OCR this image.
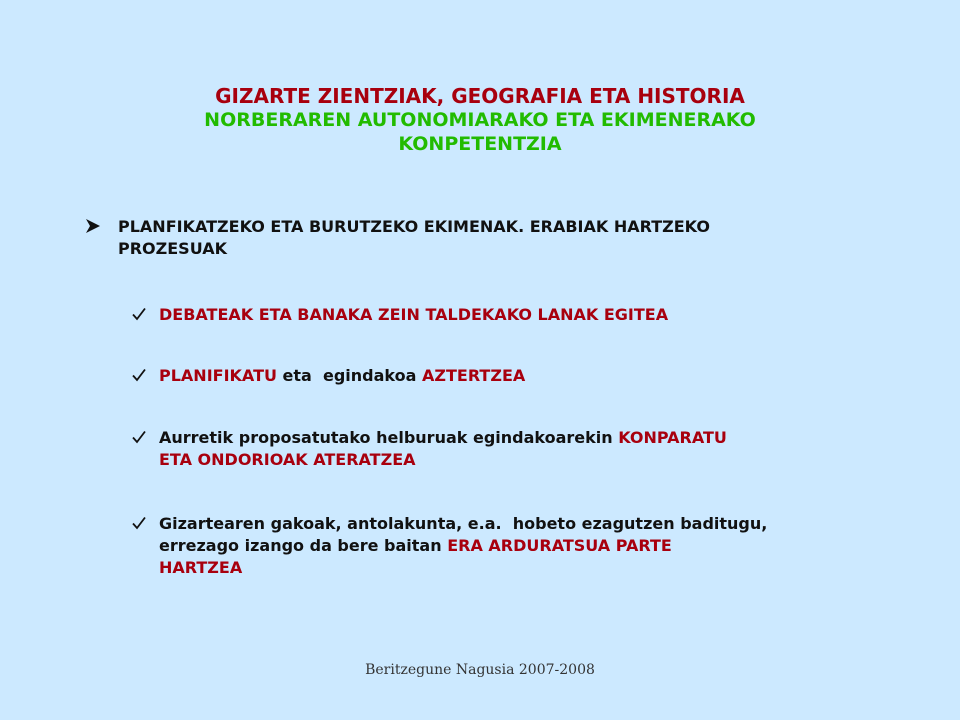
GIZARTE ZIENTZIAK, GEOGRAFIA ETA HISTORIA
NORBERAREN AUTONOMIARAKO ETA EKIMENERAKO
KONPETENTZIA
PLANFIKATZEKO ETA BURUTZEKO EKIMENAK. ERABIAK HARTZEKO
PROZESUAK
DEBATEAK ETA BANAKA ZEIN TALDEKAKO LANAK EGITEA
PLANIFIKATU eta  egindakoa AZTERTZEA
Aurretik proposatutako helburuak egindakoarekin KONPARATU
ETA ONDORIOAK ATERATZEA
Gizartearen gakoak, antolakunta, e.a.  hobeto ezagutzen baditugu,
errezago izango da bere baitan ERA ARDURATSUA PARTE
HARTZEA
Beritzegune Nagusia 2007-2008
